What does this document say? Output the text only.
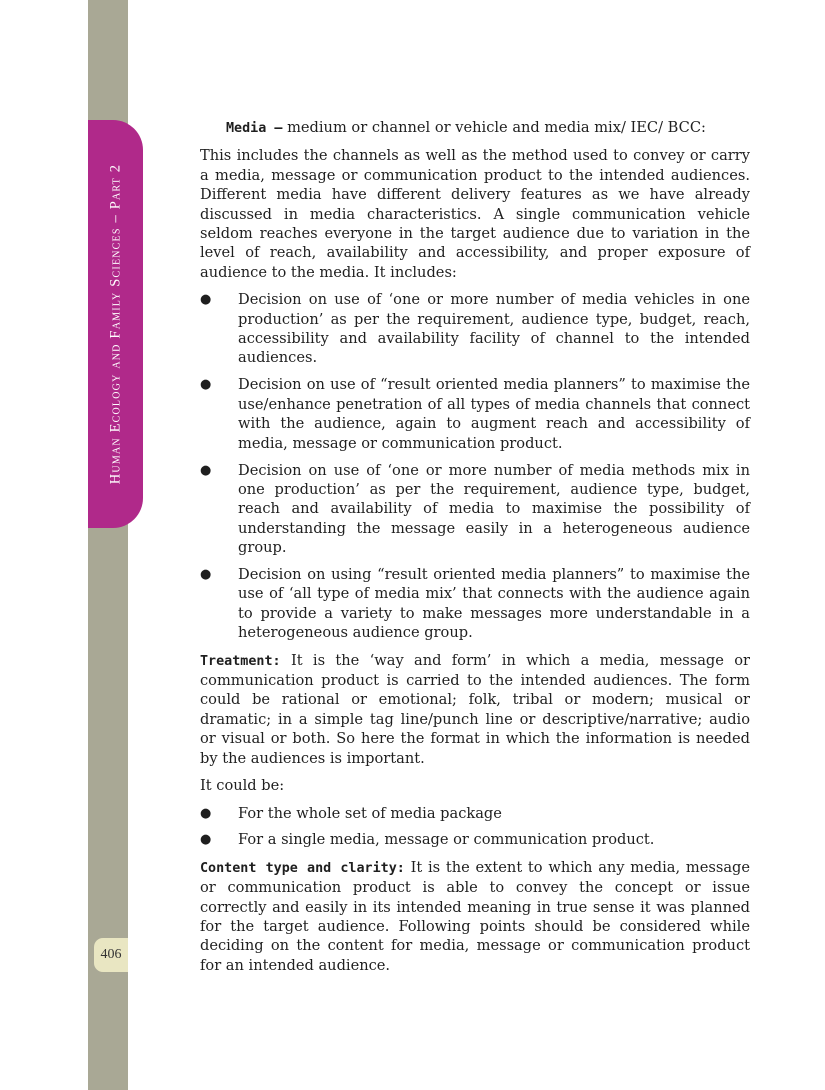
Human Ecology and Family Sciences – Part 2
406

Media — medium or channel or vehicle and media mix/ IEC/ BCC:

This includes the channels as well as the method used to convey or carry a media, message or communication product to the intended audiences. Different media have different delivery features as we have already discussed in media characteristics. A single communication vehicle seldom reaches everyone in the target audience due to variation in the level of reach, availability and accessibility, and proper exposure of audience to the media. It includes:

● Decision on use of ‘one or more number of media vehicles in one production’ as per the requirement, audience type, budget, reach, accessibility and availability facility of channel to the intended audiences.
● Decision on use of “result oriented media planners” to maximise the use/enhance penetration of all types of media channels that connect with the audience, again to augment reach and accessibility of media, message or communication product.
● Decision on use of ‘one or more number of media methods mix in one production’ as per the requirement, audience type, budget, reach and availability of media to maximise the possibility of understanding the message easily in a heterogeneous audience group.
● Decision on using “result oriented media planners” to maximise the use of ‘all type of media mix’ that connects with the audience again to provide a variety to make messages more understandable in a heterogeneous audience group.

Treatment: It is the ‘way and form’ in which a media, message or communication product is carried to the intended audiences. The form could be rational or emotional; folk, tribal or modern; musical or dramatic; in a simple tag line/punch line or descriptive/narrative; audio or visual or both. So here the format in which the information is needed by the audiences is important.

It could be:

● For the whole set of media package
● For a single media, message or communication product.

Content type and clarity: It is the extent to which any media, message or communication product is able to convey the concept or issue correctly and easily in its intended meaning in true sense it was planned for the target audience. Following points should be considered while deciding on the content for media, message or communication product for an intended audience.
